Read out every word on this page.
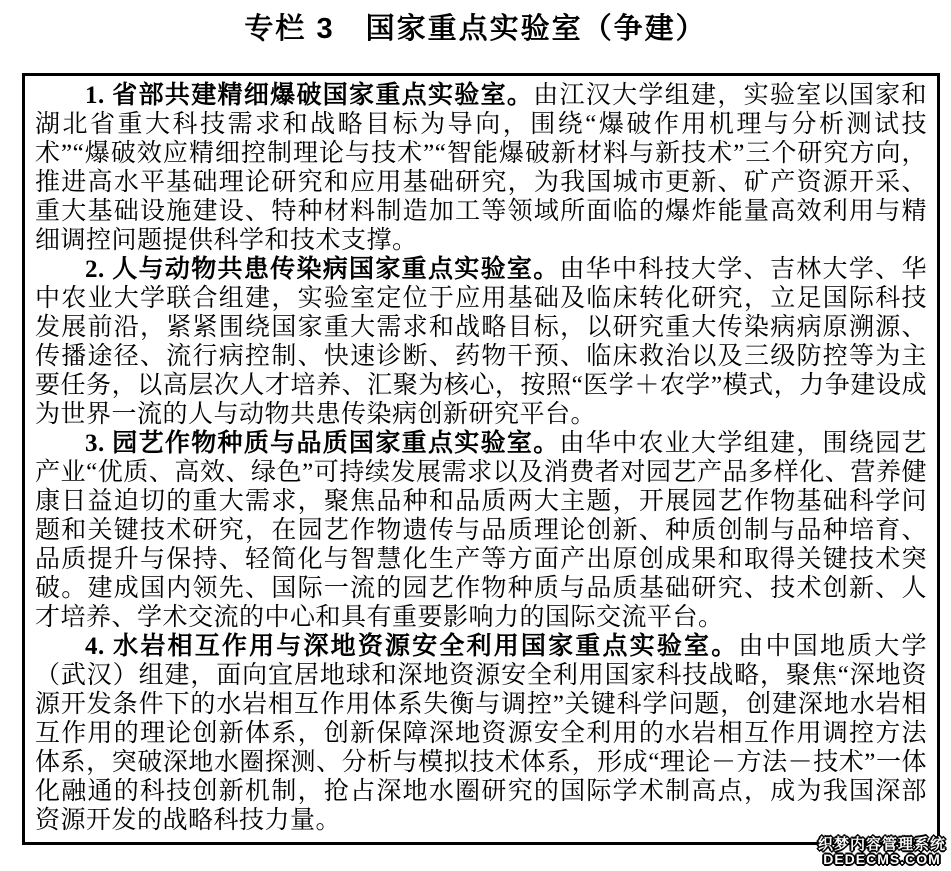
专栏 3　国家重点实验室（争建）

1. 省部共建精细爆破国家重点实验室。由江汉大学组建，实验室以国家和湖北省重大科技需求和战略目标为导向，围绕“爆破作用机理与分析测试技术”“爆破效应精细控制理论与技术”“智能爆破新材料与新技术”三个研究方向，推进高水平基础理论研究和应用基础研究，为我国城市更新、矿产资源开采、重大基础设施建设、特种材料制造加工等领域所面临的爆炸能量高效利用与精细调控问题提供科学和技术支撑。

2. 人与动物共患传染病国家重点实验室。由华中科技大学、吉林大学、华中农业大学联合组建，实验室定位于应用基础及临床转化研究，立足国际科技发展前沿，紧紧围绕国家重大需求和战略目标，以研究重大传染病病原溯源、传播途径、流行病控制、快速诊断、药物干预、临床救治以及三级防控等为主要任务，以高层次人才培养、汇聚为核心，按照“医学＋农学”模式，力争建设成为世界一流的人与动物共患传染病创新研究平台。

3. 园艺作物种质与品质国家重点实验室。由华中农业大学组建，围绕园艺产业“优质、高效、绿色”可持续发展需求以及消费者对园艺产品多样化、营养健康日益迫切的重大需求，聚焦品种和品质两大主题，开展园艺作物基础科学问题和关键技术研究，在园艺作物遗传与品质理论创新、种质创制与品种培育、品质提升与保持、轻简化与智慧化生产等方面产出原创成果和取得关键技术突破。建成国内领先、国际一流的园艺作物种质与品质基础研究、技术创新、人才培养、学术交流的中心和具有重要影响力的国际交流平台。

4. 水岩相互作用与深地资源安全利用国家重点实验室。由中国地质大学（武汉）组建，面向宜居地球和深地资源安全利用国家科技战略，聚焦“深地资源开发条件下的水岩相互作用体系失衡与调控”关键科学问题，创建深地水岩相互作用的理论创新体系，创新保障深地资源安全利用的水岩相互作用调控方法体系，突破深地水圈探测、分析与模拟技术体系，形成“理论－方法－技术”一体化融通的科技创新机制，抢占深地水圈研究的国际学术制高点，成为我国深部资源开发的战略科技力量。

织梦内容管理系统
DEDECMS.COM
